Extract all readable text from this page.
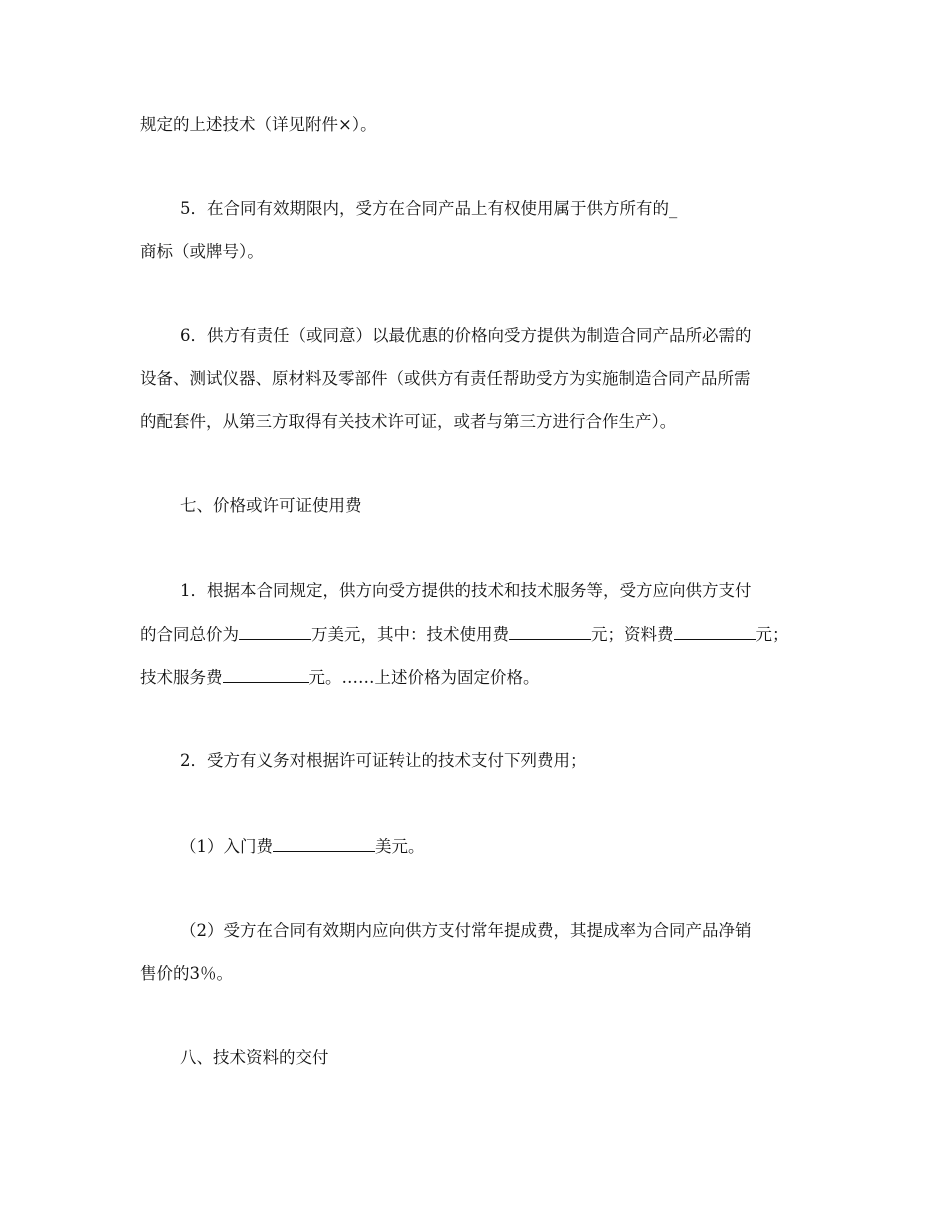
规定的上述技术（详见附件×）。
5．在合同有效期限内，受方在合同产品上有权使用属于供方所有的_
商标（或牌号）。
6．供方有责任（或同意）以最优惠的价格向受方提供为制造合同产品所必需的
设备、测试仪器、原材料及零部件（或供方有责任帮助受方为实施制造合同产品所需
的配套件，从第三方取得有关技术许可证，或者与第三方进行合作生产）。
七、价格或许可证使用费
1．根据本合同规定，供方向受方提供的技术和技术服务等，受方应向供方支付
的合同总价为	万美元，其中：技术使用费	元；资料费	元；
技术服务费	元。……上述价格为固定价格。
2．受方有义务对根据许可证转让的技术支付下列费用；
（1）入门费	美元。
（2）受方在合同有效期内应向供方支付常年提成费，其提成率为合同产品净销
售价的3％。
八、技术资料的交付
